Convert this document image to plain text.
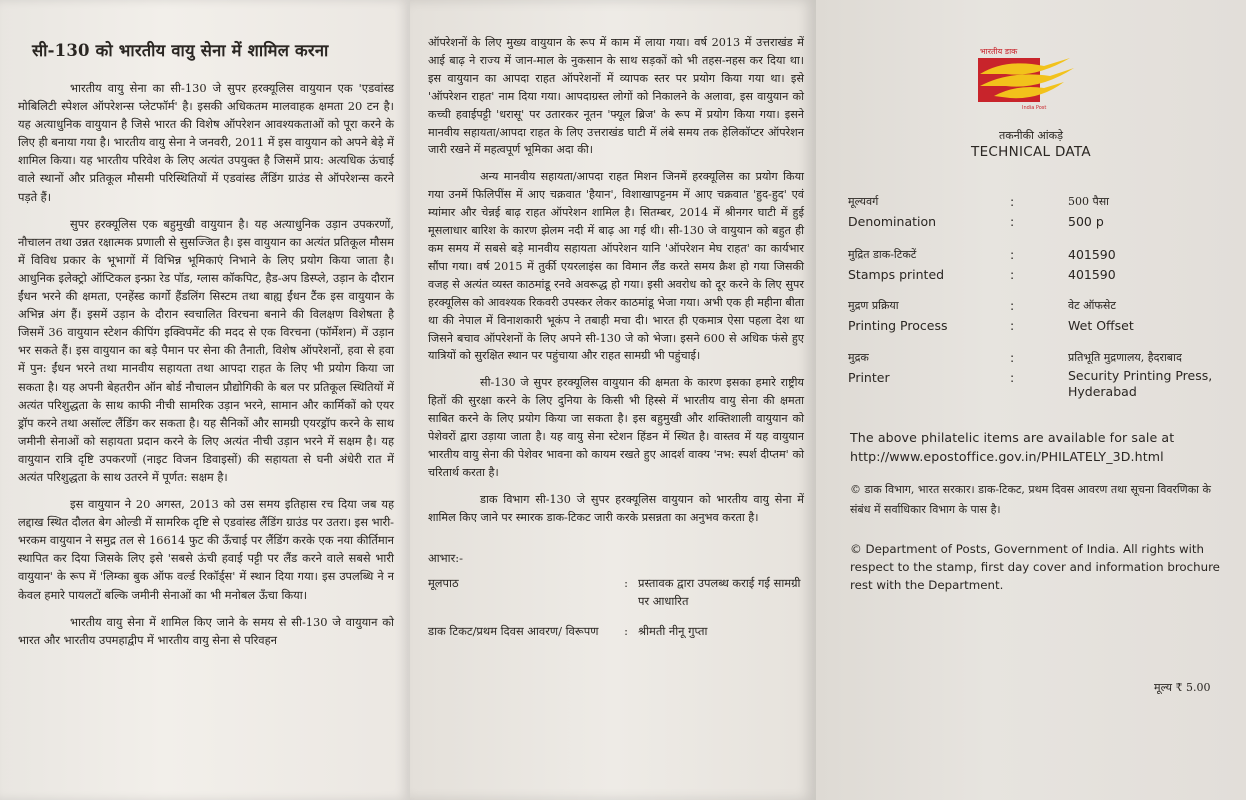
सी-130 को भारतीय वायु सेना में शामिल करना

भारतीय वायु सेना का सी-130 जे सुपर हरक्यूलिस वायुयान एक 'एडवांस्ड मोबिलिटी स्पेशल ऑपरेशन्स प्लेटफॉर्म' है। इसकी अधिकतम मालवाहक क्षमता 20 टन है। यह अत्याधुनिक वायुयान है जिसे भारत की विशेष ऑपरेशन आवश्यकताओं को पूरा करने के लिए ही बनाया गया है। भारतीय वायु सेना ने जनवरी, 2011 में इस वायुयान को अपने बेड़े में शामिल किया। यह भारतीय परिवेश के लिए अत्यंत उपयुक्त है जिसमें प्राय: अत्यधिक ऊंचाई वाले स्थानों और प्रतिकूल मौसमी परिस्थितियों में एडवांस्ड लैंडिंग ग्राउंड से ऑपरेशन्स करने पड़ते हैं।

सुपर हरक्यूलिस एक बहुमुखी वायुयान है। यह अत्याधुनिक उड़ान उपकरणों, नौचालन तथा उन्नत रक्षात्मक प्रणाली से सुसज्जित है। इस वायुयान का अत्यंत प्रतिकूल मौसम में विविध प्रकार के भूभागों में विभिन्न भूमिकाएं निभाने के लिए प्रयोग किया जाता है। आधुनिक इलेक्ट्रो ऑप्टिकल इन्फ्रा रेड पॉड, ग्लास कॉकपिट, हैड-अप डिस्प्ले, उड़ान के दौरान ईंधन भरने की क्षमता, एनहेंस्ड कार्गो हैंडलिंग सिस्टम तथा बाह्य ईंधन टैंक इस वायुयान के अभिन्न अंग हैं। इसमें उड़ान के दौरान स्वचालित विरचना बनाने की विलक्षण विशेषता है जिसमें 36 वायुयान स्टेशन कीपिंग इक्विपमेंट की मदद से एक विरचना (फॉर्मेशन) में उड़ान भर सकते हैं। इस वायुयान का बड़े पैमान पर सेना की तैनाती, विशेष ऑपरेशनों, हवा से हवा में पुन: ईंधन भरने तथा मानवीय सहायता तथा आपदा राहत के लिए भी प्रयोग किया जा सकता है। यह अपनी बेहतरीन ऑन बोर्ड नौचालन प्रौद्योगिकी के बल पर प्रतिकूल स्थितियों में अत्यंत परिशुद्धता के साथ काफी नीची सामरिक उड़ान भरने, सामान और कार्मिकों को एयर ड्रॉप करने तथा असॉल्ट लैंडिंग कर सकता है। यह सैनिकों और सामग्री एयरड्रॉप करने के साथ जमीनी सेनाओं को सहायता प्रदान करने के लिए अत्यंत नीची उड़ान भरने में सक्षम है। यह वायुयान रात्रि दृष्टि उपकरणों (नाइट विजन डिवाइसों) की सहायता से घनी अंधेरी रात में अत्यंत परिशुद्धता के साथ उतरने में पूर्णत: सक्षम है।

इस वायुयान ने 20 अगस्त, 2013 को उस समय इतिहास रच दिया जब यह लद्दाख स्थित दौलत बेग ओल्डी में सामरिक दृष्टि से एडवांस्ड लैंडिंग ग्राउंड पर उतरा। इस भारी-भरकम वायुयान ने समुद्र तल से 16614 फुट की ऊँचाई पर लैंडिंग करके एक नया कीर्तिमान स्थापित कर दिया जिसके लिए इसे 'सबसे ऊंची हवाई पट्टी पर लैंड करने वाले सबसे भारी वायुयान' के रूप में 'लिम्का बुक ऑफ वर्ल्ड रिकॉर्ड्स' में स्थान दिया गया। इस उपलब्धि ने न केवल हमारे पायलटों बल्कि जमीनी सेनाओं का भी मनोबल ऊँचा किया।

भारतीय वायु सेना में शामिल किए जाने के समय से सी-130 जे वायुयान को भारत और भारतीय उपमहाद्वीप में भारतीय वायु सेना से परिवहन

ऑपरेशनों के लिए मुख्य वायुयान के रूप में काम में लाया गया। वर्ष 2013 में उत्तराखंड में आई बाढ़ ने राज्य में जान-माल के नुकसान के साथ सड़कों को भी तहस-नहस कर दिया था। इस वायुयान का आपदा राहत ऑपरेशनों में व्यापक स्तर पर प्रयोग किया गया था। इसे 'ऑपरेशन राहत' नाम दिया गया। आपदाग्रस्त लोगों को निकालने के अलावा, इस वायुयान को कच्ची हवाईपट्टी 'धरासू' पर उतारकर नूतन 'फ्यूल ब्रिज' के रूप में प्रयोग किया गया। इसने मानवीय सहायता/आपदा राहत के लिए उत्तराखंड घाटी में लंबे समय तक हेलिकॉप्टर ऑपरेशन जारी रखने में महत्वपूर्ण भूमिका अदा की।

अन्य मानवीय सहायता/आपदा राहत मिशन जिनमें हरक्यूलिस का प्रयोग किया गया उनमें फिलिपींस में आए चक्रवात 'हैयान', विशाखापट्टनम में आए चक्रवात 'हुद-हुद' एवं म्यांमार और चेन्नई बाढ़ राहत ऑपरेशन शामिल है। सितम्बर, 2014 में श्रीनगर घाटी में हुई मूसलाधार बारिश के कारण झेलम नदी में बाढ़ आ गई थी। सी-130 जे वायुयान को बहुत ही कम समय में सबसे बड़े मानवीय सहायता ऑपरेशन यानि 'ऑपरेशन मेघ राहत' का कार्यभार सौंपा गया। वर्ष 2015 में तुर्की एयरलाइंस का विमान लैंड करते समय क्रैश हो गया जिसकी वजह से अत्यंत व्यस्त काठमांडू रनवे अवरूद्ध हो गया। इसी अवरोध को दूर करने के लिए सुपर हरक्यूलिस को आवश्यक रिकवरी उपस्कर लेकर काठमांडू भेजा गया। अभी एक ही महीना बीता था की नेपाल में विनाशकारी भूकंप ने तबाही मचा दी। भारत ही एकमात्र ऐसा पहला देश था जिसने बचाव ऑपरेशनों के लिए अपने सी-130 जे को भेजा। इसने 600 से अधिक फंसे हुए यात्रियों को सुरक्षित स्थान पर पहुंचाया और राहत सामग्री भी पहुंचाई।

सी-130 जे सुपर हरक्यूलिस वायुयान की क्षमता के कारण इसका हमारे राष्ट्रीय हितों की सुरक्षा करने के लिए दुनिया के किसी भी हिस्से में भारतीय वायु सेना की क्षमता साबित करने के लिए प्रयोग किया जा सकता है। इस बहुमुखी और शक्तिशाली वायुयान को पेशेवरों द्वारा उड़ाया जाता है। यह वायु सेना स्टेशन हिंडन में स्थित है। वास्तव में यह वायुयान भारतीय वायु सेना की पेशेवर भावना को कायम रखते हुए आदर्श वाक्य 'नभ: स्पर्श दीप्तम' को चरितार्थ करता है।

डाक विभाग सी-130 जे सुपर हरक्यूलिस वायुयान को भारतीय वायु सेना में शामिल किए जाने पर स्मारक डाक-टिकट जारी करके प्रसन्नता का अनुभव करता है।

आभार:-
मूलपाठ	: प्रस्तावक द्वारा उपलब्ध कराई गई सामग्री पर आधारित
डाक टिकट/प्रथम दिवस आवरण/ विरूपण	: श्रीमती नीनू गुप्ता
भारतीय डाक
India Post
तकनीकी आंकड़े
TECHNICAL DATA
मूल्यवर्ग
Denomination
:
:
500 पैसा
500 p
मुद्रित डाक-टिकटें
Stamps printed
:
:
401590
401590
मुद्रण प्रक्रिया
Printing Process
:
:
वेट ऑफसेट
Wet Offset
मुद्रक
Printer
:
:
प्रतिभूति मुद्रणालय, हैदराबाद
Security Printing Press, Hyderabad
The above philatelic items are available for sale at http://www.epostoffice.gov.in/PHILATELY_3D.html
© डाक विभाग, भारत सरकार। डाक-टिकट, प्रथम दिवस आवरण तथा सूचना विवरणिका के संबंध में सर्वाधिकार विभाग के पास है।
© Department of Posts, Government of India. All rights with respect to the stamp, first day cover and information brochure rest with the Department.
मूल्य ₹ 5.00
